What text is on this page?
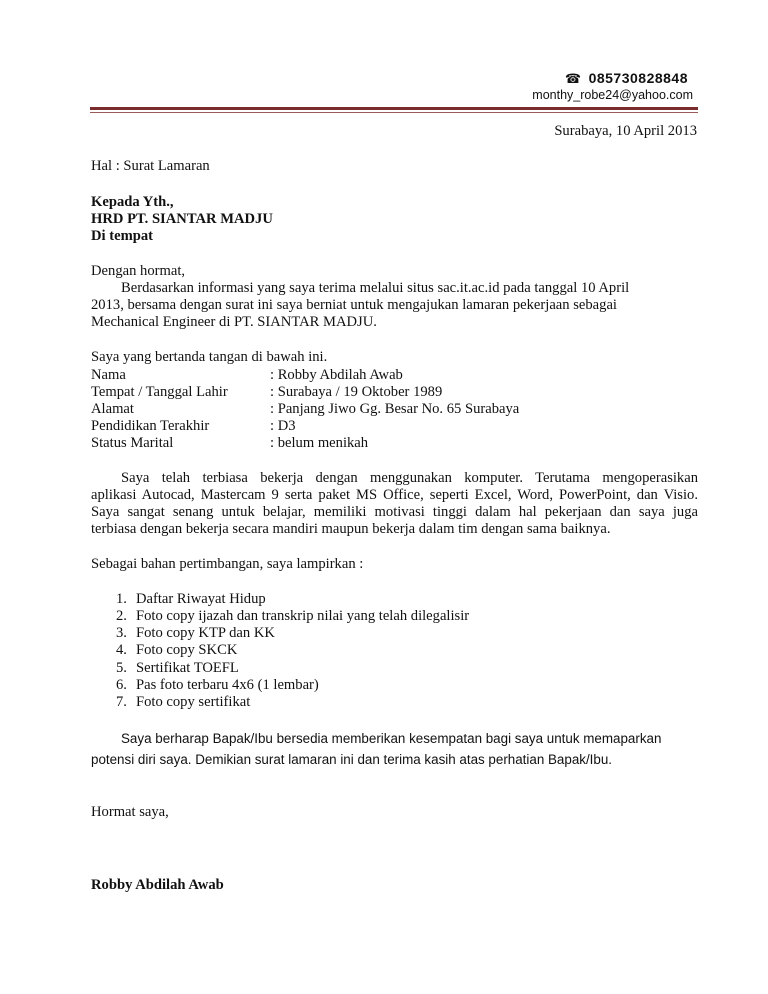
☎ 085730828848
monthy_robe24@yahoo.com
Surabaya, 10 April 2013
Hal : Surat Lamaran
Kepada Yth.,
HRD PT. SIANTAR MADJU
Di tempat
Dengan hormat,
Berdasarkan informasi yang saya terima melalui situs sac.it.ac.id pada tanggal 10 April
2013, bersama dengan surat ini saya berniat untuk mengajukan lamaran pekerjaan sebagai
Mechanical Engineer di PT. SIANTAR MADJU.
Saya yang bertanda tangan di bawah ini.
Nama	: Robby Abdilah Awab
Tempat / Tanggal Lahir	: Surabaya / 19 Oktober 1989
Alamat	: Panjang Jiwo Gg. Besar No. 65 Surabaya
Pendidikan Terakhir	: D3
Status Marital	: belum menikah
Saya telah terbiasa bekerja dengan menggunakan komputer. Terutama mengoperasikan
aplikasi Autocad, Mastercam 9 serta paket MS Office, seperti Excel, Word, PowerPoint, dan Visio.
Saya sangat senang untuk belajar, memiliki motivasi tinggi dalam hal pekerjaan dan saya juga
terbiasa dengan bekerja secara mandiri maupun bekerja dalam tim dengan sama baiknya.
Sebagai bahan pertimbangan, saya lampirkan :
1. Daftar Riwayat Hidup
2. Foto copy ijazah dan transkrip nilai yang telah dilegalisir
3. Foto copy KTP dan KK
4. Foto copy SKCK
5. Sertifikat TOEFL
6. Pas foto terbaru 4x6 (1 lembar)
7. Foto copy sertifikat
Saya berharap Bapak/Ibu bersedia memberikan kesempatan bagi saya untuk memaparkan
potensi diri saya. Demikian surat lamaran ini dan terima kasih atas perhatian Bapak/Ibu.
Hormat saya,
Robby Abdilah Awab
